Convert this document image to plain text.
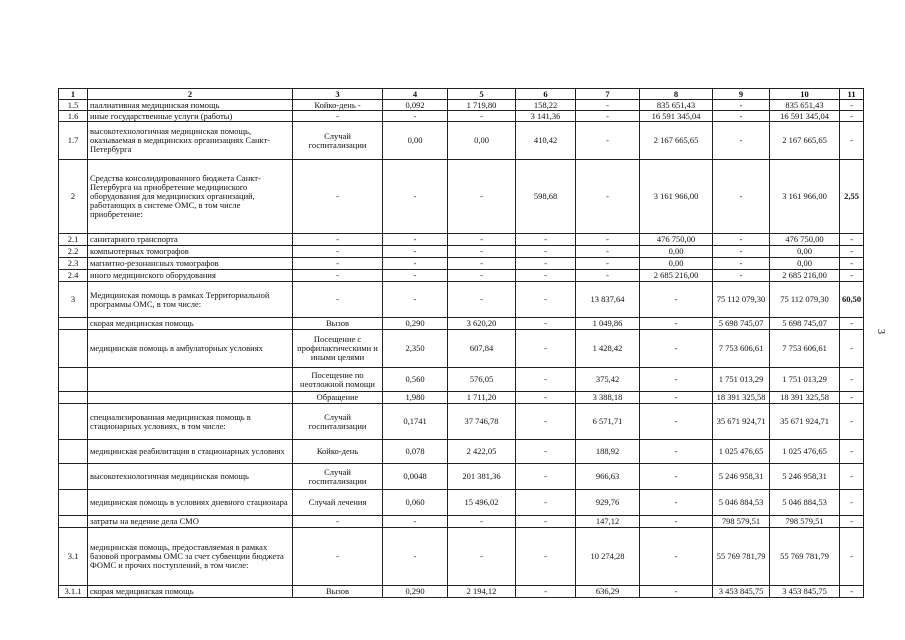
1	2	3	4	5	6	7	8	9	10	11
1.5	паллиативная медицинская помощь	Койко-день -	0,092	1 719,80	158,22	-	835 651,43	-	835 651,43	-
1.6	иные государственные услуги (работы)	-	-	-	3 141,36	-	16 591 345,04	-	16 591 345,04	-
1.7	высокотехнологичная медицинская помощь, оказываемая в медицинских организациях Санкт-Петербурга	Случай госпитализации	0,00	0,00	410,42	-	2 167 665,65	-	2 167 665,65	-
2	Средства консолидированного бюджета Санкт-Петербурга на приобретение медицинского оборудования для медицинских организаций, работающих в системе ОМС, в том числе приобретение:	-	-	-	598,68	-	3 161 966,00	-	3 161 966,00	2,55
2.1	санитарного транспорта	-	-	-	-	-	476 750,00	-	476 750,00	-
2.2	компьютерных томографов	-	-	-	-	-	0,00	-	0,00	-
2.3	магнитно-резонансных томографов	-	-	-	-	-	0,00	-	0,00	-
2.4	иного медицинского оборудования	-	-	-	-	-	2 685 216,00	-	2 685 216,00	-
3	Медицинская помощь в рамках Территориальной программы ОМС, в том числе:	-	-	-	-	13 837,64	-	75 112 079,30	75 112 079,30	60,50
	скорая медицинская помощь	Вызов	0,290	3 620,20	-	1 049,86	-	5 698 745,07	5 698 745,07	-
	медицинская помощь в амбулаторных условиях	Посещение с профилактическими и иными целями	2,350	607,84	-	1 428,42	-	7 753 606,61	7 753 606,61	-
		Посещение по неотложной помощи	0,560	576,05	-	375,42	-	1 751 013,29	1 751 013,29	-
		Обращение	1,980	1 711,20	-	3 388,18	-	18 391 325,58	18 391 325,58	-
	специализированная медицинская помощь в стационарных условиях, в том числе:	Случай госпитализации	0,1741	37 746,78	-	6 571,71	-	35 671 924,71	35 671 924,71	-
	медицинская реабилитация в стационарных условиях	Койко-день	0,078	2 422,05	-	188,92	-	1 025 476,65	1 025 476,65	-
	высокотехнологичная медицинская помощь	Случай госпитализации	0,0048	201 381,36	-	966,63	-	5 246 958,31	5 246 958,31	-
	медицинская помощь в условиях дневного стационара	Случай лечения	0,060	15 496,02	-	929,76	-	5 046 884,53	5 046 884,53	-
	затраты на ведение дела СМО	-	-	-	-	147,12	-	798 579,51	798 579,51	-
3.1	медицинская помощь, предоставляемая в рамках базовой программы ОМС за счет субвенции бюджета ФОМС и прочих поступлений, в том числе:	-	-	-	-	10 274,28	-	55 769 781,79	55 769 781,79	-
3.1.1	скорая медицинская помощь	Вызов	0,290	2 194,12	-	636,29	-	3 453 845,75	3 453 845,75	-
3
